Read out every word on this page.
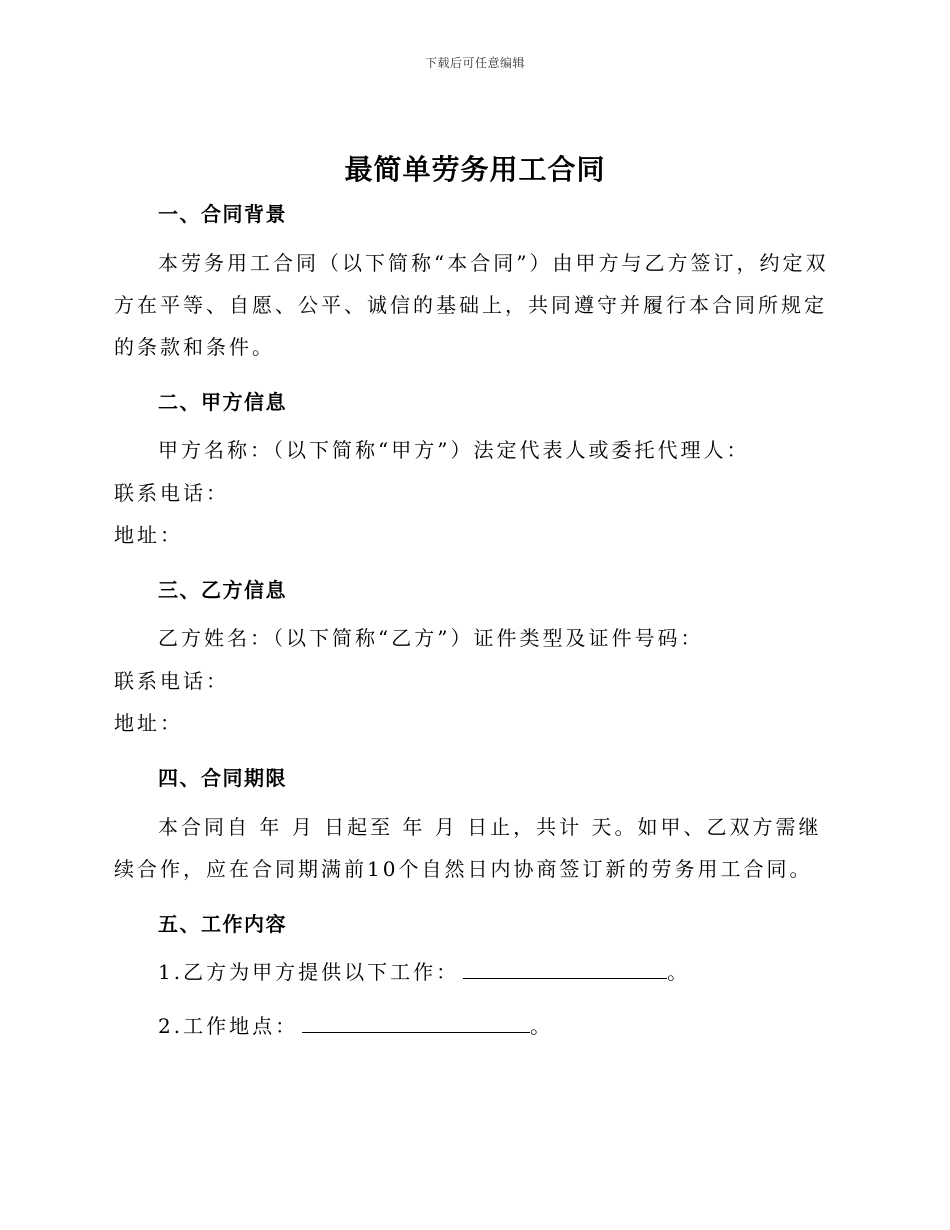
下载后可任意编辑
最简单劳务用工合同
一、合同背景

本劳务用工合同（以下简称“本合同”）由甲方与乙方签订，约定双方在平等、自愿、公平、诚信的基础上，共同遵守并履行本合同所规定的条款和条件。

二、甲方信息

甲方名称：（以下简称“甲方”）法定代表人或委托代理人：

联系电话：

地址：

三、乙方信息

乙方姓名：（以下简称“乙方”）证件类型及证件号码：

联系电话：

地址：

四、合同期限

本合同自 年 月 日起至 年 月 日止，共计 天。如甲、乙双方需继续合作，应在合同期满前10个自然日内协商签订新的劳务用工合同。

五、工作内容

1.乙方为甲方提供以下工作：	。

2.工作地点：	。
